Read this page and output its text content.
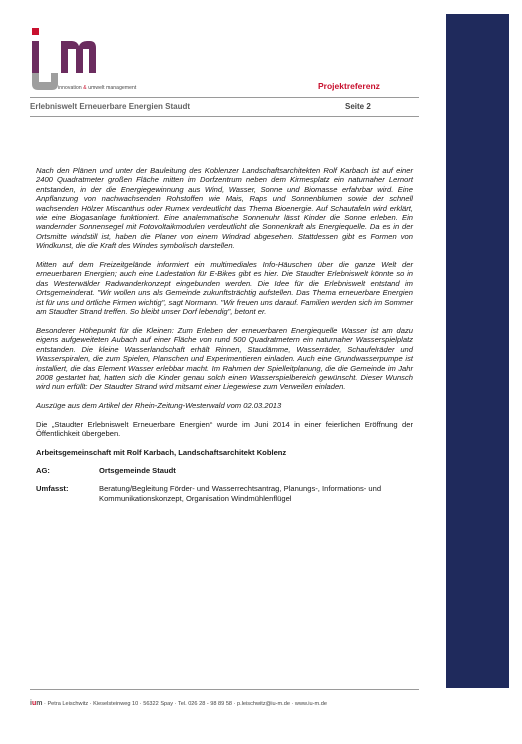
innovation & umwelt management	Projektreferenz
Erlebniswelt Erneuerbare Energien Staudt	Seite 2

Nach den Plänen und unter der Bauleitung des Koblenzer Landschaftsarchitekten Rolf Karbach ist auf einer 2400 Quadratmeter großen Fläche mitten im Dorfzentrum neben dem Kirmesplatz ein naturnaher Lernort entstanden, in der die Energiegewinnung aus Wind, Wasser, Sonne und Biomasse erfahrbar wird. Eine Anpflanzung von nachwachsenden Rohstoffen wie Mais, Raps und Sonnenblumen sowie der schnell wachsenden Hölzer Miscanthus oder Rumex verdeutlicht das Thema Bioenergie. Auf Schautafeln wird erklärt, wie eine Biogasanlage funktioniert. Eine analemmatische Sonnenuhr lässt Kinder die Sonne erleben. Ein wandernder Sonnensegel mit Fotovoltaikmodulen verdeutlicht die Sonnenkraft als Energiequelle. Da es in der Ortsmitte windstill ist, haben die Planer von einem Windrad abgesehen. Stattdessen gibt es Formen von Windkunst, die die Kraft des Windes symbolisch darstellen.

Mitten auf dem Freizeitgelände informiert ein multimediales Info-Häuschen über die ganze Welt der erneuerbaren Energien; auch eine Ladestation für E-Bikes gibt es hier. Die Staudter Erlebniswelt könnte so in das Westerwälder Radwanderkonzept eingebunden werden. Die Idee für die Erlebniswelt entstand im Ortsgemeinderat. "Wir wollen uns als Gemeinde zukunftsträchtig aufstellen. Das Thema erneuerbare Energien ist für uns und örtliche Firmen wichtig", sagt Normann. "Wir freuen uns darauf. Familien werden sich im Sommer am Staudter Strand treffen. So bleibt unser Dorf lebendig", betont er.

Besonderer Höhepunkt für die Kleinen: Zum Erleben der erneuerbaren Energiequelle Wasser ist am dazu eigens aufgeweiteten Aubach auf einer Fläche von rund 500 Quadratmetern ein naturnaher Wasserspielplatz entstanden. Die kleine Wasserlandschaft erhält Rinnen, Staudämme, Wasserräder, Schaufelräder und Wasserspiralen, die zum Spielen, Planschen und Experimentieren einladen. Auch eine Grundwasserpumpe ist installiert, die das Element Wasser erlebbar macht. Im Rahmen der Spielleitplanung, die die Gemeinde im Jahr 2008 gestartet hat, hatten sich die Kinder genau solch einen Wasserspielbereich gewünscht. Dieser Wunsch wird nun erfüllt: Der Staudter Strand wird mitsamt einer Liegewiese zum Verweilen einladen.

Auszüge aus dem Artikel der Rhein-Zeitung-Westerwald vom 02.03.2013

Die „Staudter Erlebniswelt Erneuerbare Energien“ wurde im Juni 2014 in einer feierlichen Eröffnung der Öffentlichkeit übergeben.

Arbeitsgemeinschaft mit Rolf Karbach, Landschaftsarchitekt Koblenz
AG:	Ortsgemeinde Staudt
Umfasst:	Beratung/Begleitung Förder- und Wasserrechtsantrag, Planungs-, Informations- und Kommunikationskonzept, Organisation Windmühlenflügel
ium · Petra Leischwitz · Kieselsteinweg 10 · 56322 Spay · Tel. 026 28 - 98 89 58 · p.leischwitz@iu-m.de · www.iu-m.de
